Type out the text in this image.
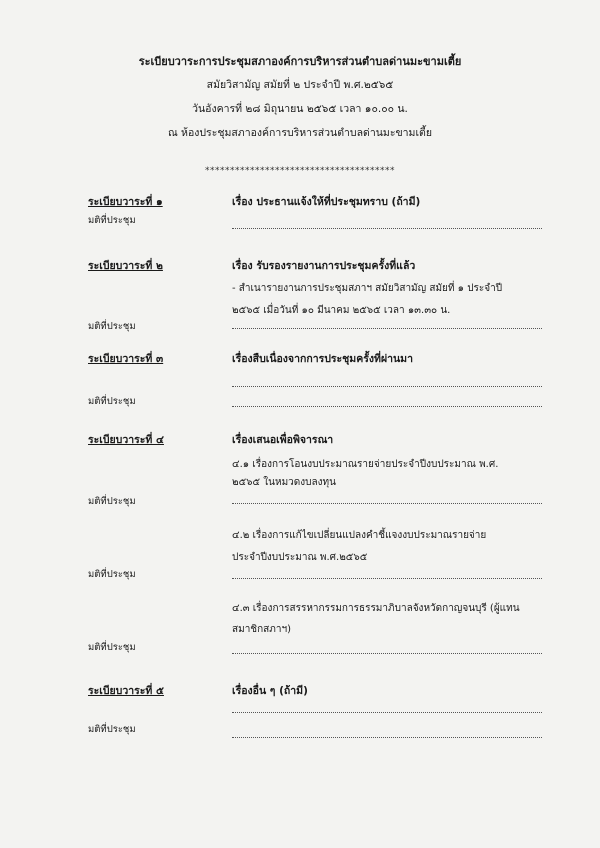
ระเบียบวาระการประชุมสภาองค์การบริหารส่วนตำบลด่านมะขามเตี้ย
สมัยวิสามัญ สมัยที่ ๒ ประจำปี พ.ศ.๒๕๖๕
วันอังคารที่ ๒๘ มิถุนายน ๒๕๖๕ เวลา ๑๐.๐๐ น.
ณ ห้องประชุมสภาองค์การบริหารส่วนตำบลด่านมะขามเตี้ย
**************************************
ระเบียบวาระที่ ๑	เรื่อง ประธานแจ้งให้ที่ประชุมทราบ (ถ้ามี)
มติที่ประชุม
ระเบียบวาระที่ ๒	เรื่อง รับรองรายงานการประชุมครั้งที่แล้ว
- สำเนารายงานการประชุมสภาฯ สมัยวิสามัญ สมัยที่ ๑ ประจำปี
๒๕๖๕ เมื่อวันที่ ๑๐ มีนาคม ๒๕๖๕ เวลา ๑๓.๓๐ น.
มติที่ประชุม
ระเบียบวาระที่ ๓	เรื่องสืบเนื่องจากการประชุมครั้งที่ผ่านมา
มติที่ประชุม
ระเบียบวาระที่ ๔	เรื่องเสนอเพื่อพิจารณา
๔.๑ เรื่องการโอนงบประมาณรายจ่ายประจำปีงบประมาณ พ.ศ.
๒๕๖๕ ในหมวดงบลงทุน
มติที่ประชุม
๔.๒ เรื่องการแก้ไขเปลี่ยนแปลงคำชี้แจงงบประมาณรายจ่าย
ประจำปีงบประมาณ พ.ศ.๒๕๖๕
มติที่ประชุม
๔.๓ เรื่องการสรรหากรรมการธรรมาภิบาลจังหวัดกาญจนบุรี (ผู้แทน
สมาชิกสภาฯ)
มติที่ประชุม
ระเบียบวาระที่ ๕	เรื่องอื่น ๆ (ถ้ามี)
มติที่ประชุม
